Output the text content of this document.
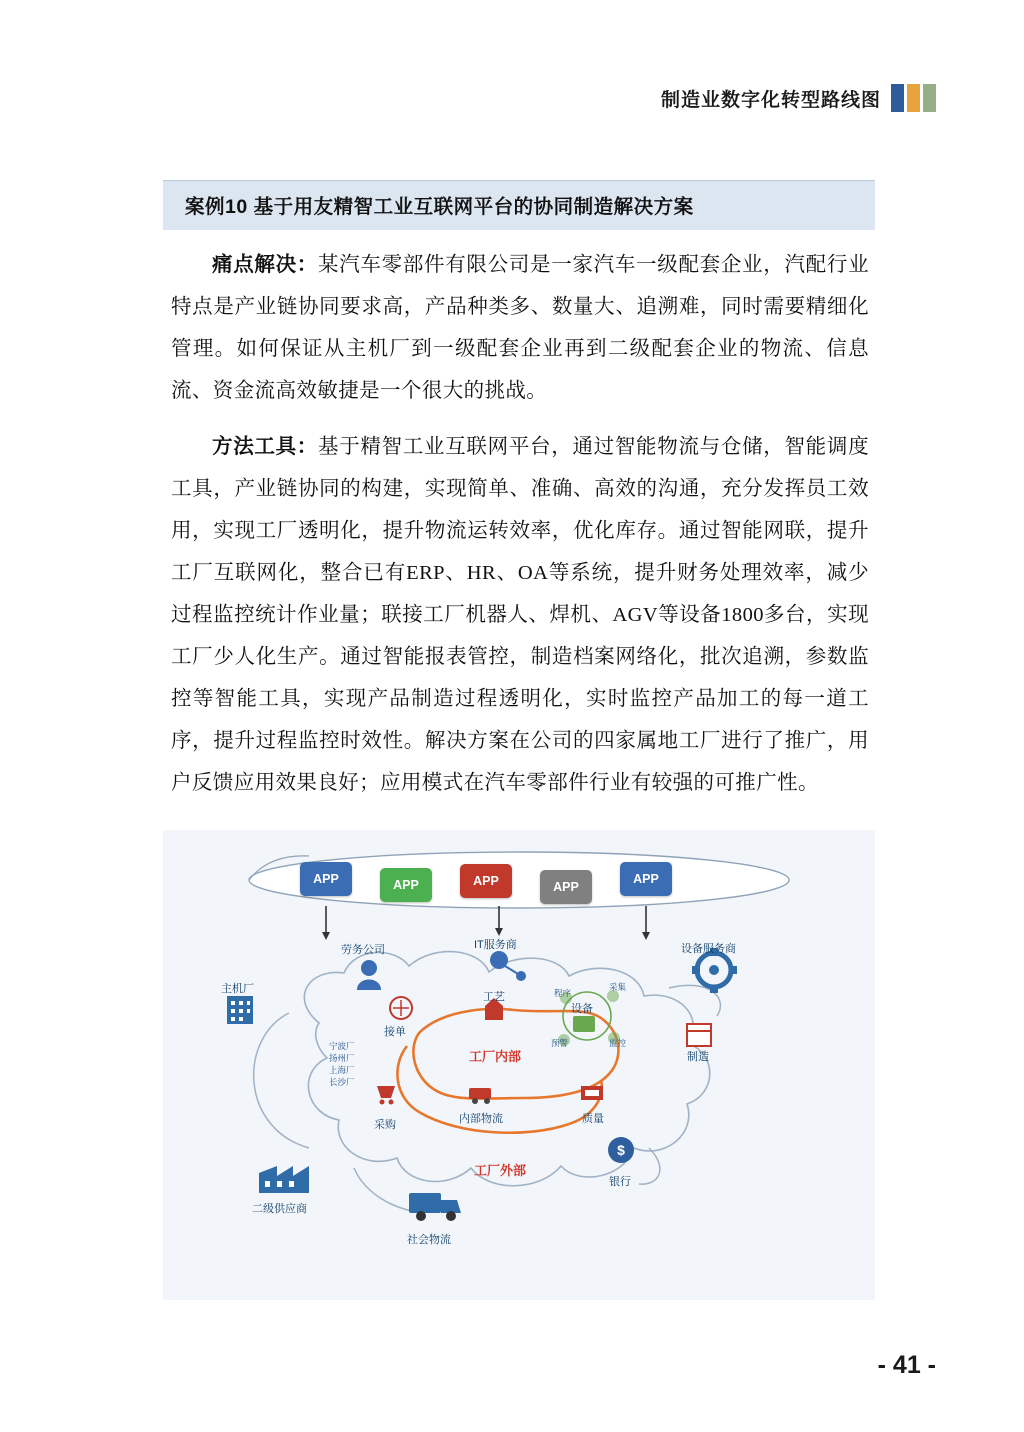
制造业数字化转型路线图
案例10 基于用友精智工业互联网平台的协同制造解决方案

痛点解决：某汽车零部件有限公司是一家汽车一级配套企业，汽配行业特点是产业链协同要求高，产品种类多、数量大、追溯难，同时需要精细化管理。如何保证从主机厂到一级配套企业再到二级配套企业的物流、信息流、资金流高效敏捷是一个很大的挑战。

方法工具：基于精智工业互联网平台，通过智能物流与仓储，智能调度工具，产业链协同的构建，实现简单、准确、高效的沟通，充分发挥员工效用，实现工厂透明化，提升物流运转效率，优化库存。通过智能网联，提升工厂互联网化，整合已有ERP、HR、OA等系统，提升财务处理效率，减少过程监控统计作业量；联接工厂机器人、焊机、AGV等设备1800多台，实现工厂少人化生产。通过智能报表管控，制造档案网络化，批次追溯，参数监控等智能工具，实现产品制造过程透明化，实时监控产品加工的每一道工序，提升过程监控时效性。解决方案在公司的四家属地工厂进行了推广，用户反馈应用效果良好；应用模式在汽车零部件行业有较强的可推广性。

$
APP	APP	APP	APP
APP
劳务公司	IT服务商	设备服务商
主机厂
接单
工艺	程序
采集
设备
预警	监控
制造
工厂内部
宁波厂
扬州厂
上海厂
长沙厂
内部物流
采购	质量
工厂外部
银行
二级供应商
社会物流
- 41 -
